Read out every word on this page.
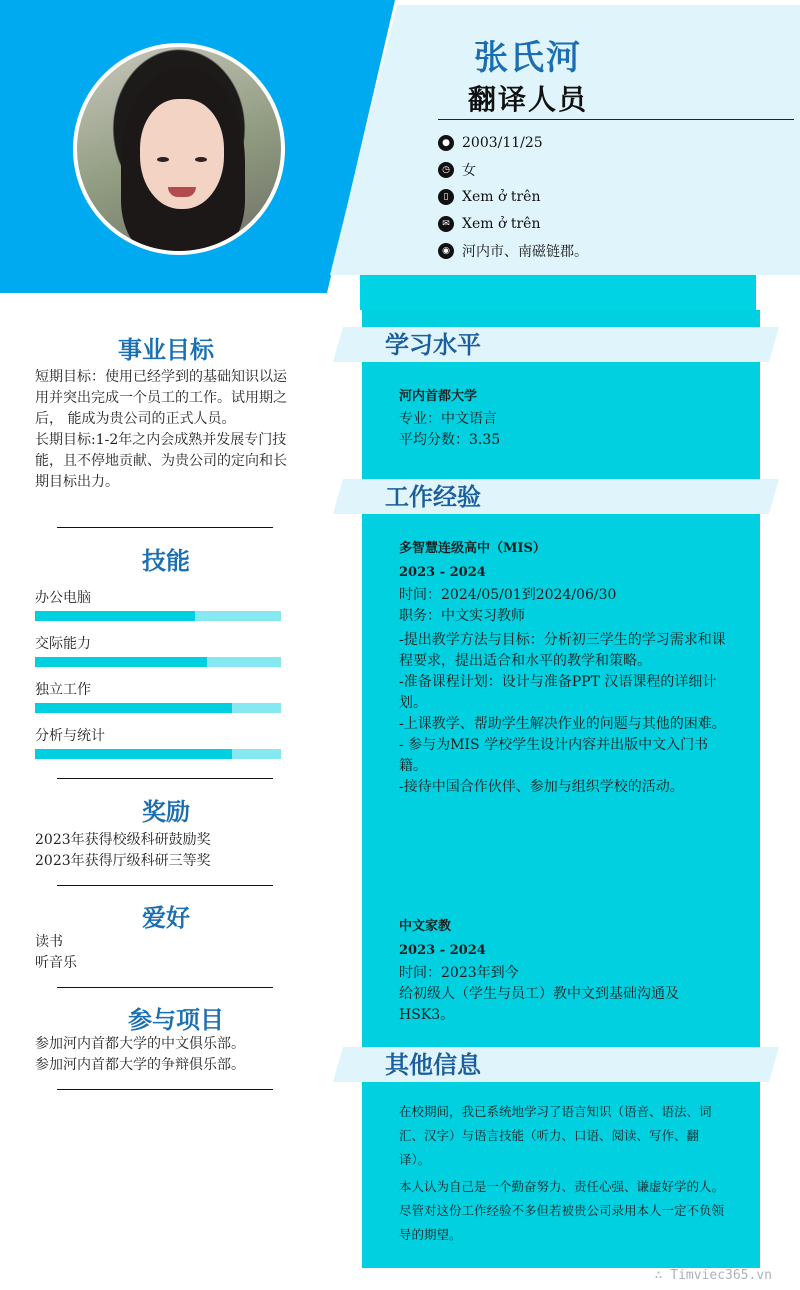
张氏河
翻译人员
● 2003/11/25
◷ 女
▯ Xem ở trên
✉ Xem ở trên
◉ 河内市、南磁链郡。
事业目标
短期目标：使用已经学到的基础知识以运用并突出完成一个员工的工作。试用期之后， 能成为贵公司的正式人员。
长期目标:1-2年之内会成熟并发展专门技能，且不停地贡献、为贵公司的定向和长期目标出力。
技能
办公电脑
交际能力
独立工作
分析与统计
奖励
2023年获得校级科研鼓励奖
2023年获得厅级科研三等奖
爱好
读书
听音乐
参与项目
参加河内首都大学的中文俱乐部。
参加河内首都大学的争辩俱乐部。
学习水平
河内首都大学
专业：中文语言
平均分数：3.35
工作经验
多智慧连级高中（MIS）
2023 - 2024
时间：2024/05/01到2024/06/30
职务：中文实习教师
-提出教学方法与目标：分析初三学生的学习需求和课程要求，提出适合和水平的教学和策略。
-准备课程计划：设计与准备PPT 汉语课程的详细计划。
-上课教学、帮助学生解决作业的问题与其他的困难。
- 参与为MIS 学校学生设计内容并出版中文入门书籍。
-接待中国合作伙伴、参加与组织学校的活动。
中文家教
2023 - 2024
时间：2023年到今
给初级人（学生与员工）教中文到基础沟通及HSK3。
其他信息
在校期间，我已系统地学习了语言知识（语音、语法、词汇、汉字）与语言技能（听力、口语、阅读、写作、翻译）。
本人认为自己是一个勤奋努力、责任心强、谦虚好学的人。尽管对这份工作经验不多但若被贵公司录用本人一定不负领导的期望。
∴ Timviec365.vn
